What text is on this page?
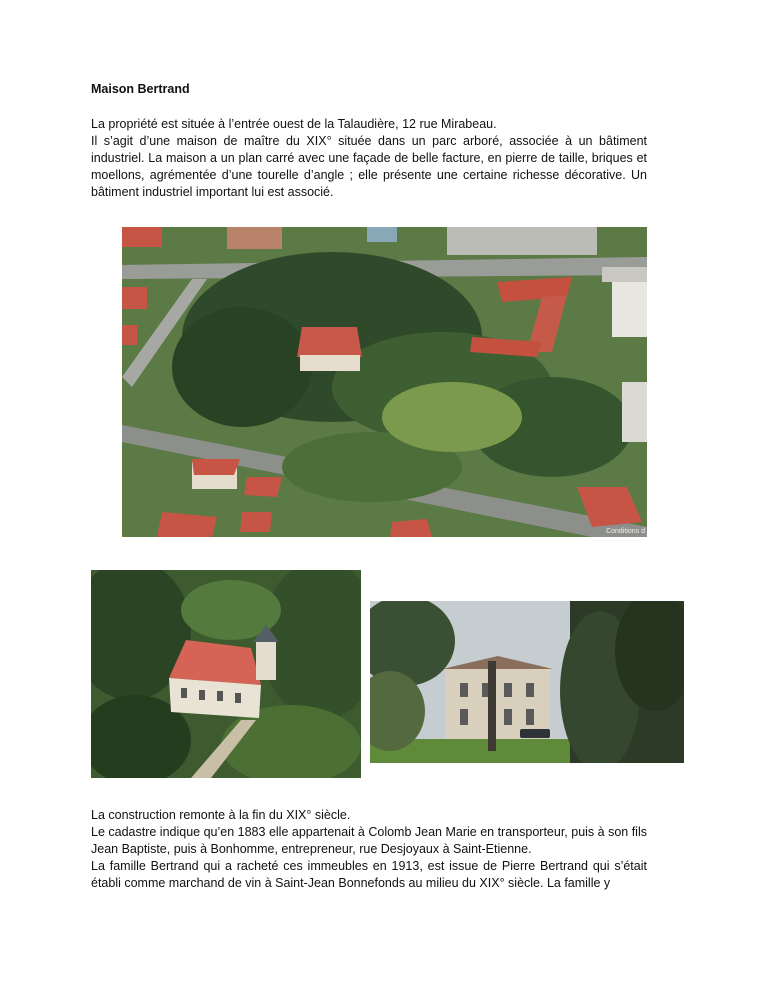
Maison Bertrand

La propriété est située à l’entrée ouest de la Talaudière, 12 rue Mirabeau.

Il s’agit d’une maison de maître du XIX° située dans un parc arboré, associée à un bâtiment industriel. La maison a un plan carré avec une façade de belle facture, en pierre de taille, briques et moellons, agrémentée d’une tourelle d’angle ; elle présente une certaine richesse décorative. Un bâtiment industriel important lui est associé.

Conditions d

La construction remonte à la fin du XIX° siècle.

Le cadastre indique qu’en 1883 elle appartenait à Colomb Jean Marie en transporteur, puis à son fils Jean Baptiste, puis à Bonhomme, entrepreneur, rue Desjoyaux à Saint-Etienne.

La famille Bertrand qui a racheté ces immeubles en 1913, est issue de Pierre Bertrand qui s’était établi comme marchand de vin à Saint-Jean Bonnefonds au milieu du XIX° siècle. La famille y
